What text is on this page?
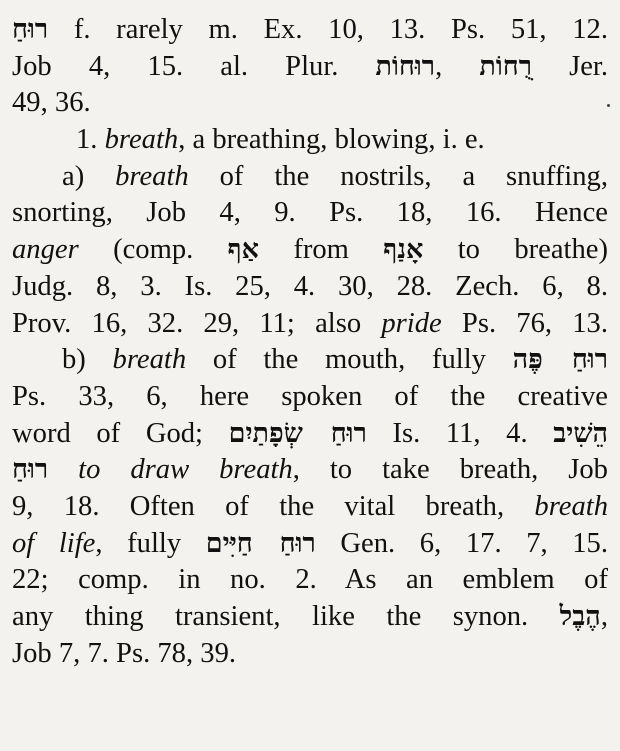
רוּחַ f. rarely m. Ex. 10, 13. Ps. 51, 12.
Job 4, 15. al. Plur. רוּחוֹת, רֻחוֹת Jer.
49, 36.
1. breath, a breathing, blowing, i. e.
a) breath of the nostrils, a snuffing,
snorting, Job 4, 9. Ps. 18, 16. Hence
anger (comp. אַף from אָנַף to breathe)
Judg. 8, 3. Is. 25, 4. 30, 28. Zech. 6, 8.
Prov. 16, 32. 29, 11; also pride Ps. 76, 13.
b) breath of the mouth, fully רוּחַ פֶּה
Ps. 33, 6, here spoken of the creative
word of God; רוּחַ שְׂפָתַיִם Is. 11, 4. הֵשִׁיב
רוּחַ to draw breath, to take breath, Job
9, 18. Often of the vital breath, breath
of life, fully רוּחַ חַיִּים Gen. 6, 17. 7, 15.
22; comp. in no. 2. As an emblem of
any thing transient, like the synon. הֶבֶל,
Job 7, 7. Ps. 78, 39.
